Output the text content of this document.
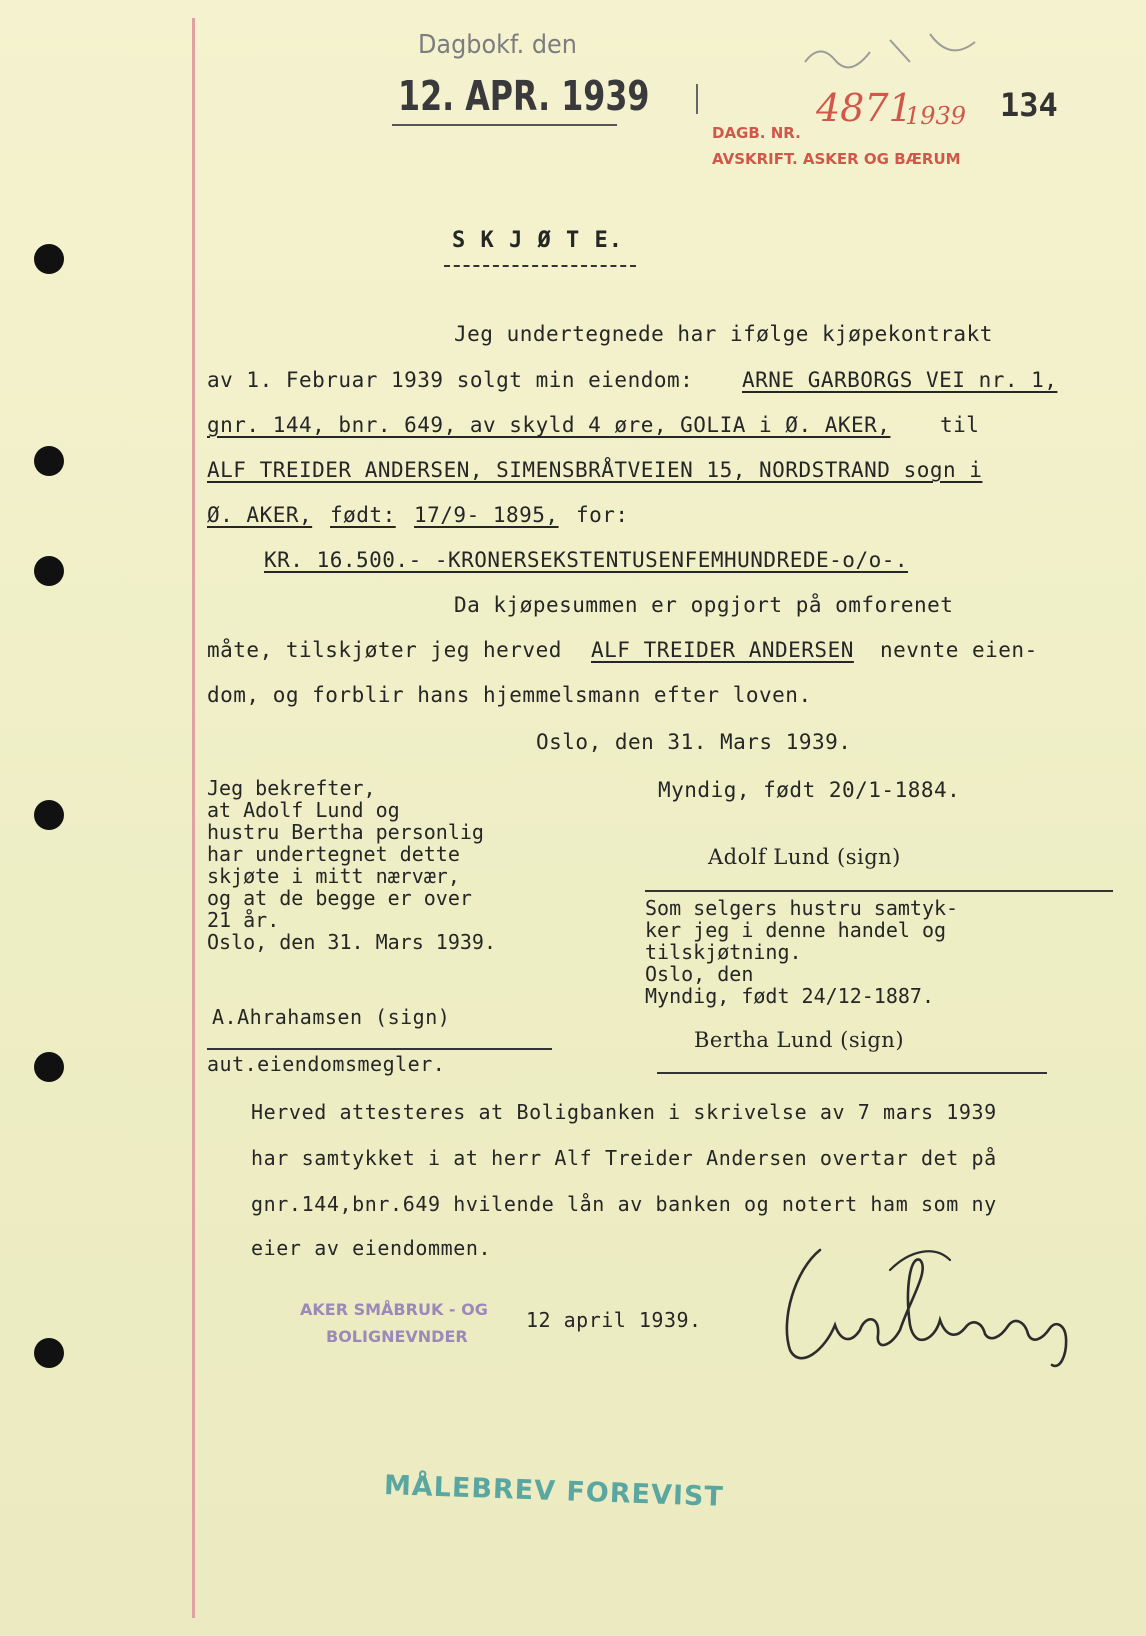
Dagbokf. den
12. APR. 1939
DAGB. NR.
4871
1939
AVSKRIFT. ASKER OG BÆRUM
134
S K J Ø T E.
Jeg undertegnede har ifølge kjøpekontrakt
av 1. Februar 1939 solgt min eiendom: ARNE GARBORGS VEI nr. 1,
gnr. 144, bnr. 649, av skyld 4 øre, GOLIA i Ø. AKER, til
ALF TREIDER ANDERSEN, SIMENSBRÅTVEIEN 15, NORDSTRAND sogn i
Ø. AKER, født: 17/9- 1895, for:
KR. 16.500.- -KRONERSEKSTENTUSENFEMHUNDREDE-o/o-.
Da kjøpesummen er opgjort på omforenet
måte, tilskjøter jeg herved ALF TREIDER ANDERSEN nevnte eien-
dom, og forblir hans hjemmelsmann efter loven.
Oslo, den 31. Mars 1939.
Jeg bekrefter,
at Adolf Lund og
hustru Bertha personlig
har undertegnet dette
skjøte i mitt nærvær,
og at de begge er over
21 år.
Oslo, den 31. Mars 1939.
A.Ahrahamsen (sign)
aut.eiendomsmegler.
Myndig, født 20/1-1884.
Adolf Lund (sign)
Som selgers hustru samtyk-
ker jeg i denne handel og
tilskjøtning.
Oslo, den
Myndig, født 24/12-1887.
Bertha Lund (sign)
Herved attesteres at Boligbanken i skrivelse av 7 mars 1939
har samtykket i at herr Alf Treider Andersen overtar det på
gnr.144,bnr.649 hvilende lån av banken og notert ham som ny
eier av eiendommen.
AKER SMÅBRUK - OG
BOLIGNEVNDER
12 april 1939.
MÅLEBREV FOREVIST
